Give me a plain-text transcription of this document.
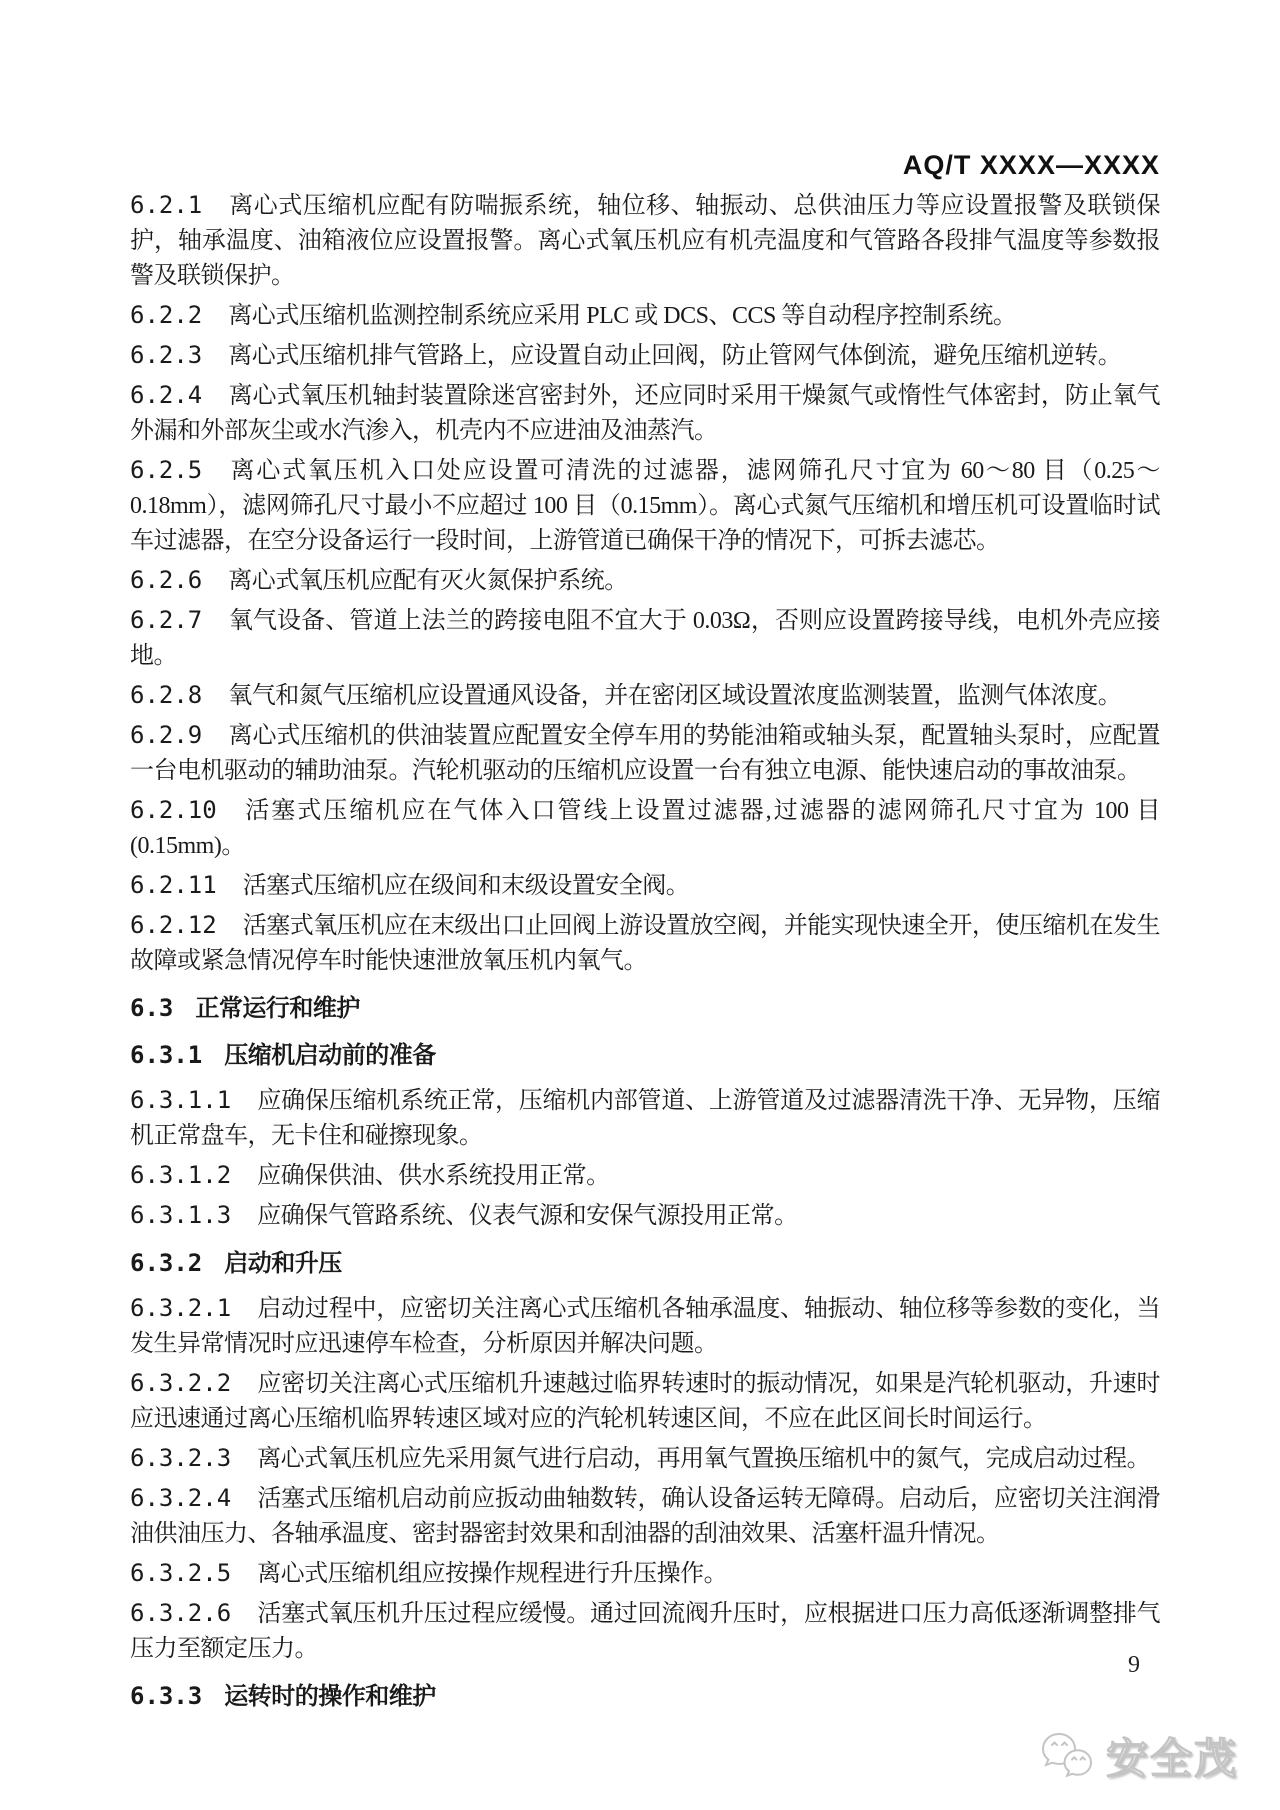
AQ/T XXXX—XXXX

6.2.1 离心式压缩机应配有防喘振系统，轴位移、轴振动、总供油压力等应设置报警及联锁保护，轴承温度、油箱液位应设置报警。离心式氧压机应有机壳温度和气管路各段排气温度等参数报警及联锁保护。

6.2.2 离心式压缩机监测控制系统应采用 PLC 或 DCS、CCS 等自动程序控制系统。

6.2.3 离心式压缩机排气管路上，应设置自动止回阀，防止管网气体倒流，避免压缩机逆转。

6.2.4 离心式氧压机轴封装置除迷宫密封外，还应同时采用干燥氮气或惰性气体密封，防止氧气外漏和外部灰尘或水汽渗入，机壳内不应进油及油蒸汽。

6.2.5 离心式氧压机入口处应设置可清洗的过滤器，滤网筛孔尺寸宜为 60～80 目（0.25～0.18mm），滤网筛孔尺寸最小不应超过 100 目（0.15mm）。离心式氮气压缩机和增压机可设置临时试车过滤器，在空分设备运行一段时间，上游管道已确保干净的情况下，可拆去滤芯。

6.2.6 离心式氧压机应配有灭火氮保护系统。

6.2.7 氧气设备、管道上法兰的跨接电阻不宜大于 0.03Ω，否则应设置跨接导线，电机外壳应接地。

6.2.8 氧气和氮气压缩机应设置通风设备，并在密闭区域设置浓度监测装置，监测气体浓度。

6.2.9 离心式压缩机的供油装置应配置安全停车用的势能油箱或轴头泵，配置轴头泵时，应配置一台电机驱动的辅助油泵。汽轮机驱动的压缩机应设置一台有独立电源、能快速启动的事故油泵。

6.2.10 活塞式压缩机应在气体入口管线上设置过滤器,过滤器的滤网筛孔尺寸宜为 100 目(0.15mm)。

6.2.11 活塞式压缩机应在级间和末级设置安全阀。

6.2.12 活塞式氧压机应在末级出口止回阀上游设置放空阀，并能实现快速全开，使压缩机在发生故障或紧急情况停车时能快速泄放氧压机内氧气。

6.3 正常运行和维护

6.3.1 压缩机启动前的准备

6.3.1.1 应确保压缩机系统正常，压缩机内部管道、上游管道及过滤器清洗干净、无异物，压缩机正常盘车，无卡住和碰擦现象。

6.3.1.2 应确保供油、供水系统投用正常。

6.3.1.3 应确保气管路系统、仪表气源和安保气源投用正常。

6.3.2 启动和升压

6.3.2.1 启动过程中，应密切关注离心式压缩机各轴承温度、轴振动、轴位移等参数的变化，当发生异常情况时应迅速停车检查，分析原因并解决问题。

6.3.2.2 应密切关注离心式压缩机升速越过临界转速时的振动情况，如果是汽轮机驱动，升速时应迅速通过离心压缩机临界转速区域对应的汽轮机转速区间，不应在此区间长时间运行。

6.3.2.3 离心式氧压机应先采用氮气进行启动，再用氧气置换压缩机中的氮气，完成启动过程。

6.3.2.4 活塞式压缩机启动前应扳动曲轴数转，确认设备运转无障碍。启动后，应密切关注润滑油供油压力、各轴承温度、密封器密封效果和刮油器的刮油效果、活塞杆温升情况。

6.3.2.5 离心式压缩机组应按操作规程进行升压操作。

6.3.2.6 活塞式氧压机升压过程应缓慢。通过回流阀升压时，应根据进口压力高低逐渐调整排气压力至额定压力。

6.3.3 运转时的操作和维护

9
安全茂
